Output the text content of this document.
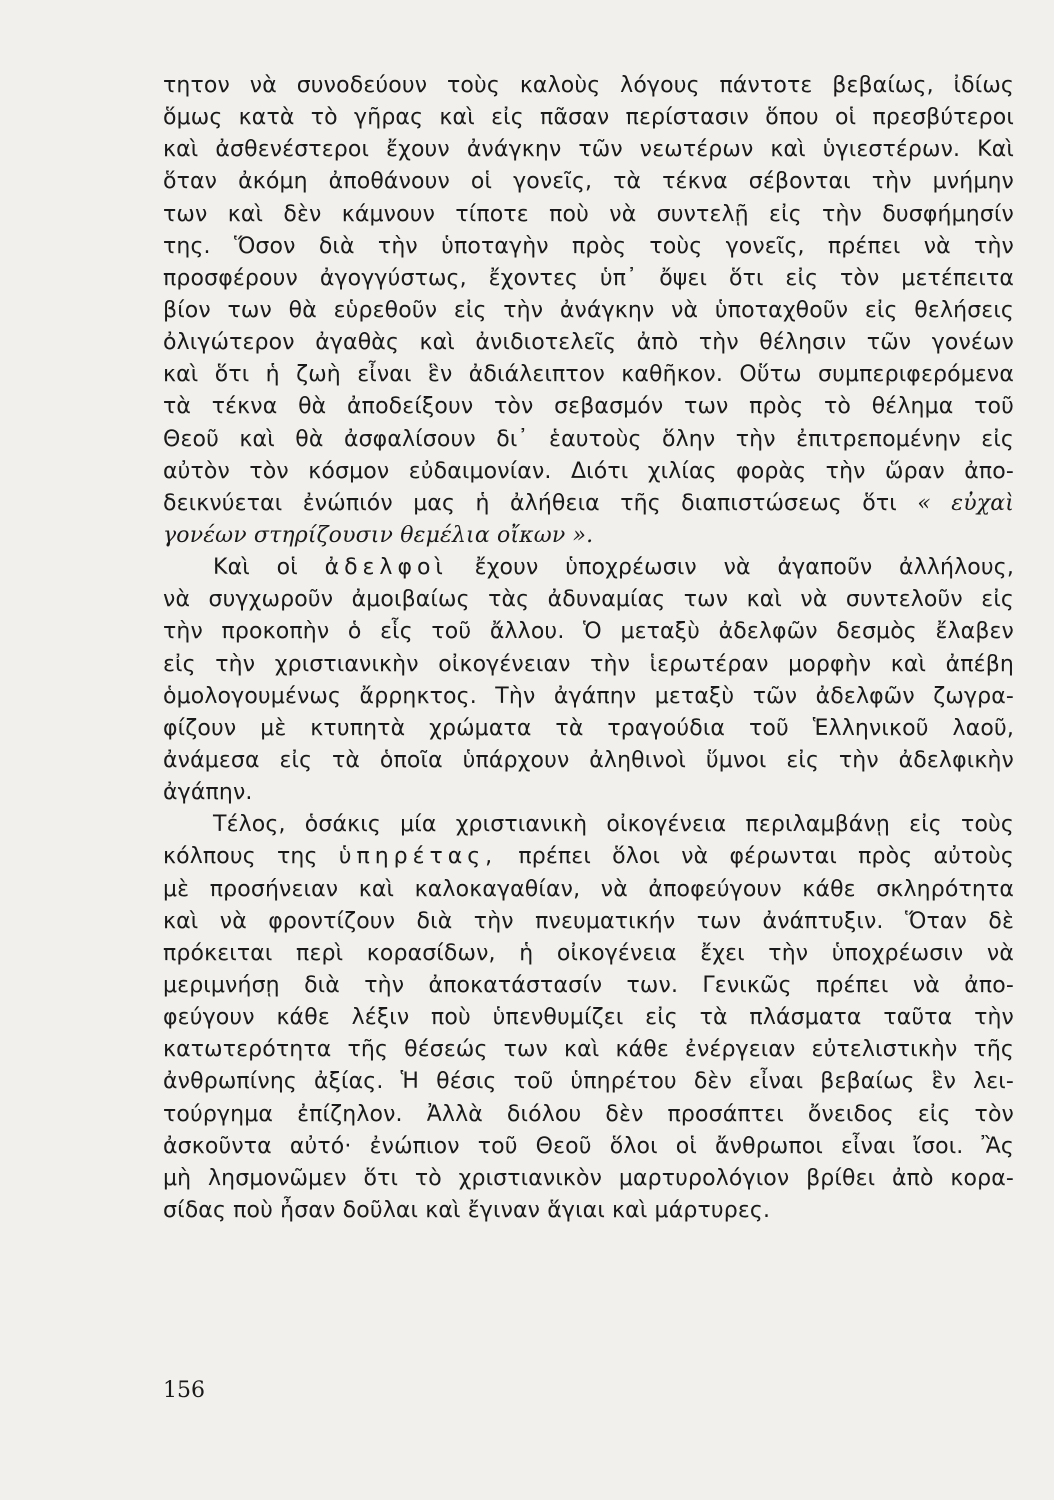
τητον νὰ συνοδεύουν τοὺς καλοὺς λόγους πάντοτε βεβαίως, ἰδίως
ὅμως κατὰ τὸ γῆρας καὶ εἰς πᾶσαν περίστασιν ὅπου οἱ πρεσβύτεροι
καὶ ἀσθενέστεροι ἔχουν ἀνάγκην τῶν νεωτέρων καὶ ὑγιεστέρων. Καὶ
ὅταν ἀκόμη ἀποθάνουν οἱ γονεῖς, τὰ τέκνα σέβονται τὴν μνήμην
των καὶ δὲν κάμνουν τίποτε ποὺ νὰ συντελῇ εἰς τὴν δυσφήμησίν
της. Ὅσον διὰ τὴν ὑποταγὴν πρὸς τοὺς γονεῖς, πρέπει νὰ τὴν
προσφέρουν ἀγογγύστως, ἔχοντες ὑπ᾿ ὄψει ὅτι εἰς τὸν μετέπειτα
βίον των θὰ εὑρεθοῦν εἰς τὴν ἀνάγκην νὰ ὑποταχθοῦν εἰς θελήσεις
ὀλιγώτερον ἀγαθὰς καὶ ἀνιδιοτελεῖς ἀπὸ τὴν θέλησιν τῶν γονέων
καὶ ὅτι ἡ ζωὴ εἶναι ἓν ἀδιάλειπτον καθῆκον. Οὕτω συμπεριφερόμενα
τὰ τέκνα θὰ ἀποδείξουν τὸν σεβασμόν των πρὸς τὸ θέλημα τοῦ
Θεοῦ καὶ θὰ ἀσφαλίσουν δι᾿ ἑαυτοὺς ὅλην τὴν ἐπιτρεπομένην εἰς
αὐτὸν τὸν κόσμον εὐδαιμονίαν. Διότι χιλίας φορὰς τὴν ὥραν ἀπο-
δεικνύεται ἐνώπιόν μας ἡ ἀλήθεια τῆς διαπιστώσεως ὅτι « εὐχαὶ
γονέων στηρίζουσιν θεμέλια οἴκων ».
Καὶ οἱ ἀδελφοὶ ἔχουν ὑποχρέωσιν νὰ ἀγαποῦν ἀλλήλους,
νὰ συγχωροῦν ἀμοιβαίως τὰς ἀδυναμίας των καὶ νὰ συντελοῦν εἰς
τὴν προκοπὴν ὁ εἷς τοῦ ἄλλου. Ὁ μεταξὺ ἀδελφῶν δεσμὸς ἔλαβεν
εἰς τὴν χριστιανικὴν οἰκογένειαν τὴν ἱερωτέραν μορφὴν καὶ ἀπέβη
ὁμολογουμένως ἄρρηκτος. Τὴν ἀγάπην μεταξὺ τῶν ἀδελφῶν ζωγρα-
φίζουν μὲ κτυπητὰ χρώματα τὰ τραγούδια τοῦ Ἑλληνικοῦ λαοῦ,
ἀνάμεσα εἰς τὰ ὁποῖα ὑπάρχουν ἀληθινοὶ ὕμνοι εἰς τὴν ἀδελφικὴν
ἀγάπην.
Τέλος, ὁσάκις μία χριστιανικὴ οἰκογένεια περιλαμβάνῃ εἰς τοὺς
κόλπους της ὑπηρέτας, πρέπει ὅλοι νὰ φέρωνται πρὸς αὐτοὺς
μὲ προσήνειαν καὶ καλοκαγαθίαν, νὰ ἀποφεύγουν κάθε σκληρότητα
καὶ νὰ φροντίζουν διὰ τὴν πνευματικήν των ἀνάπτυξιν. Ὅταν δὲ
πρόκειται περὶ κορασίδων, ἡ οἰκογένεια ἔχει τὴν ὑποχρέωσιν νὰ
μεριμνήσῃ διὰ τὴν ἀποκατάστασίν των. Γενικῶς πρέπει νὰ ἀπο-
φεύγουν κάθε λέξιν ποὺ ὑπενθυμίζει εἰς τὰ πλάσματα ταῦτα τὴν
κατωτερότητα τῆς θέσεώς των καὶ κάθε ἐνέργειαν εὐτελιστικὴν τῆς
ἀνθρωπίνης ἀξίας. Ἡ θέσις τοῦ ὑπηρέτου δὲν εἶναι βεβαίως ἓν λει-
τούργημα ἐπίζηλον. Ἀλλὰ διόλου δὲν προσάπτει ὄνειδος εἰς τὸν
ἀσκοῦντα αὐτό· ἐνώπιον τοῦ Θεοῦ ὅλοι οἱ ἄνθρωποι εἶναι ἴσοι. Ἂς
μὴ λησμονῶμεν ὅτι τὸ χριστιανικὸν μαρτυρολόγιον βρίθει ἀπὸ κορα-
σίδας ποὺ ἦσαν δοῦλαι καὶ ἔγιναν ἅγιαι καὶ μάρτυρες.
156
